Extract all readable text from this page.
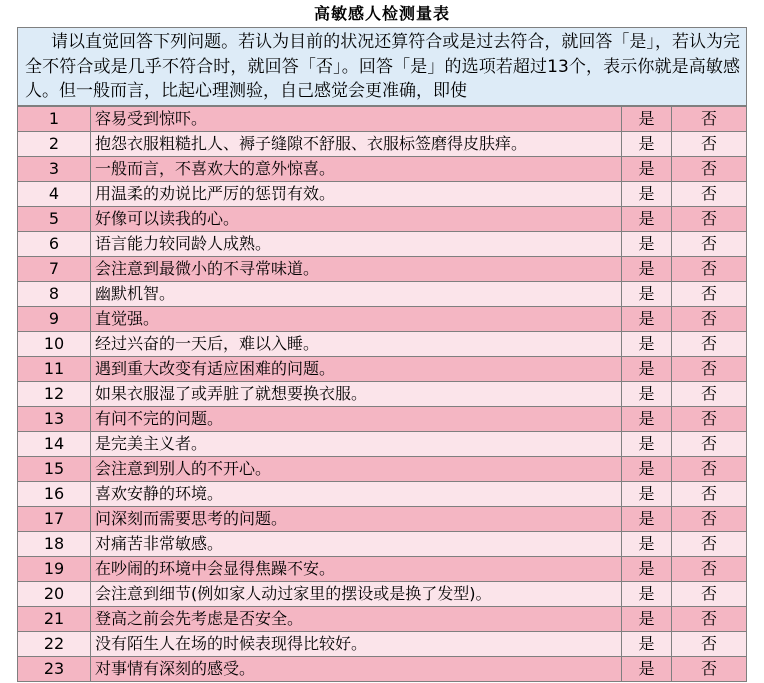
高敏感人检测量表
请以直觉回答下列问题。若认为目前的状况还算符合或是过去符合，就回答「是」，若认为完全不符合或是几乎不符合时，就回答「否」。回答「是」的选项若超过13个，表示你就是高敏感人。但一般而言，比起心理测验，自己感觉会更准确，即使
1	容易受到惊吓。	是	否
2	抱怨衣服粗糙扎人、褥子缝隙不舒服、衣服标签磨得皮肤痒。	是	否
3	一般而言，不喜欢大的意外惊喜。	是	否
4	用温柔的劝说比严厉的惩罚有效。	是	否
5	好像可以读我的心。	是	否
6	语言能力较同龄人成熟。	是	否
7	会注意到最微小的不寻常味道。	是	否
8	幽默机智。	是	否
9	直觉强。	是	否
10	经过兴奋的一天后，难以入睡。	是	否
11	遇到重大改变有适应困难的问题。	是	否
12	如果衣服湿了或弄脏了就想要换衣服。	是	否
13	有问不完的问题。	是	否
14	是完美主义者。	是	否
15	会注意到别人的不开心。	是	否
16	喜欢安静的环境。	是	否
17	问深刻而需要思考的问题。	是	否
18	对痛苦非常敏感。	是	否
19	在吵闹的环境中会显得焦躁不安。	是	否
20	会注意到细节(例如家人动过家里的摆设或是换了发型)。	是	否
21	登高之前会先考虑是否安全。	是	否
22	没有陌生人在场的时候表现得比较好。	是	否
23	对事情有深刻的感受。	是	否
